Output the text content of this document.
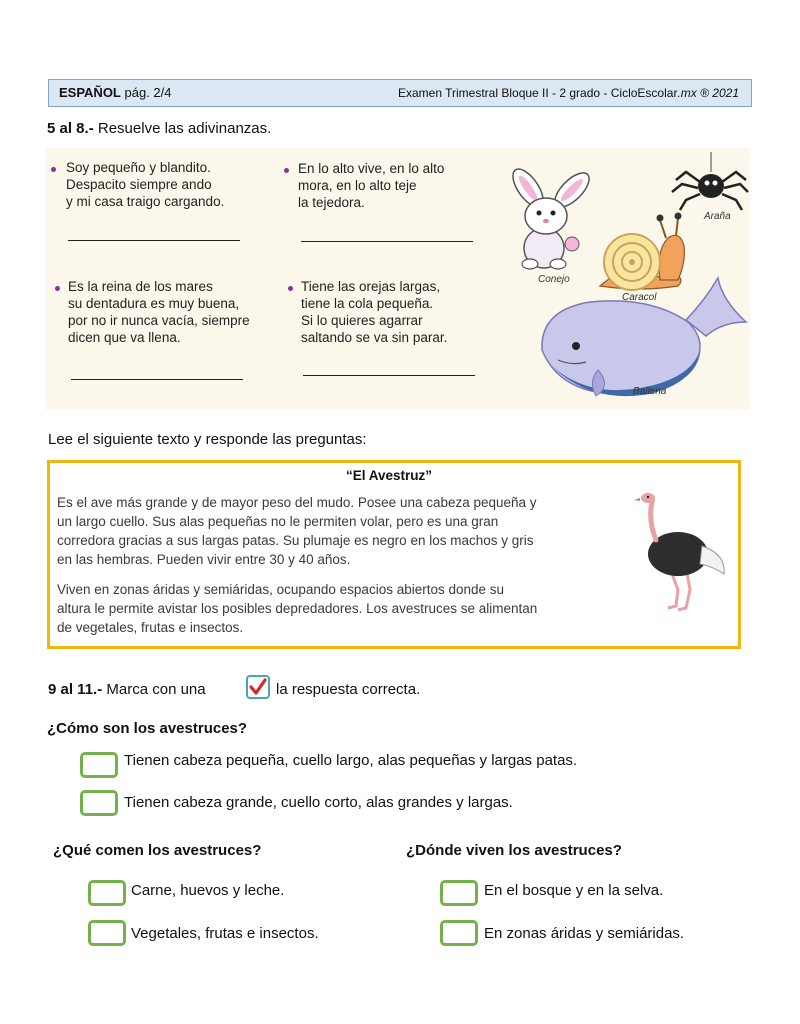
ESPAÑOL pág. 2/4	Examen Trimestral Bloque II - 2 grado - CicloEscolar.mx ® 2021
5 al 8.- Resuelve las adivinanzas.
Soy pequeño y blandito.
Despacito siempre ando
y mi casa traigo cargando.
En lo alto vive, en lo alto
mora, en lo alto teje
la tejedora.
Es la reina de los mares
su dentadura es muy buena,
por no ir nunca vacía, siempre
dicen que va llena.
Tiene las orejas largas,
tiene la cola pequeña.
Si lo quieres agarrar
saltando se va sin parar.
Conejo
Araña
Caracol
Ballena
Lee el siguiente texto y responde las preguntas:
“El Avestruz”
Es el ave más grande y de mayor peso del mudo. Posee una cabeza pequeña y
un largo cuello. Sus alas pequeñas no le permiten volar, pero es una gran
corredora gracias a sus largas patas. Su plumaje es negro en los machos y gris
en las hembras. Pueden vivir entre 30 y 40 años.
Viven en zonas áridas y semiáridas, ocupando espacios abiertos donde su
altura le permite avistar los posibles depredadores. Los avestruces se alimentan
de vegetales, frutas e insectos.
9 al 11.- Marca con una	la respuesta correcta.
¿Cómo son los avestruces?
Tienen cabeza pequeña, cuello largo, alas pequeñas y largas patas.
Tienen cabeza grande, cuello corto, alas grandes y largas.
¿Qué comen los avestruces?
Carne, huevos y leche.
Vegetales, frutas e insectos.
¿Dónde viven los avestruces?
En el bosque y en la selva.
En zonas áridas y semiáridas.
